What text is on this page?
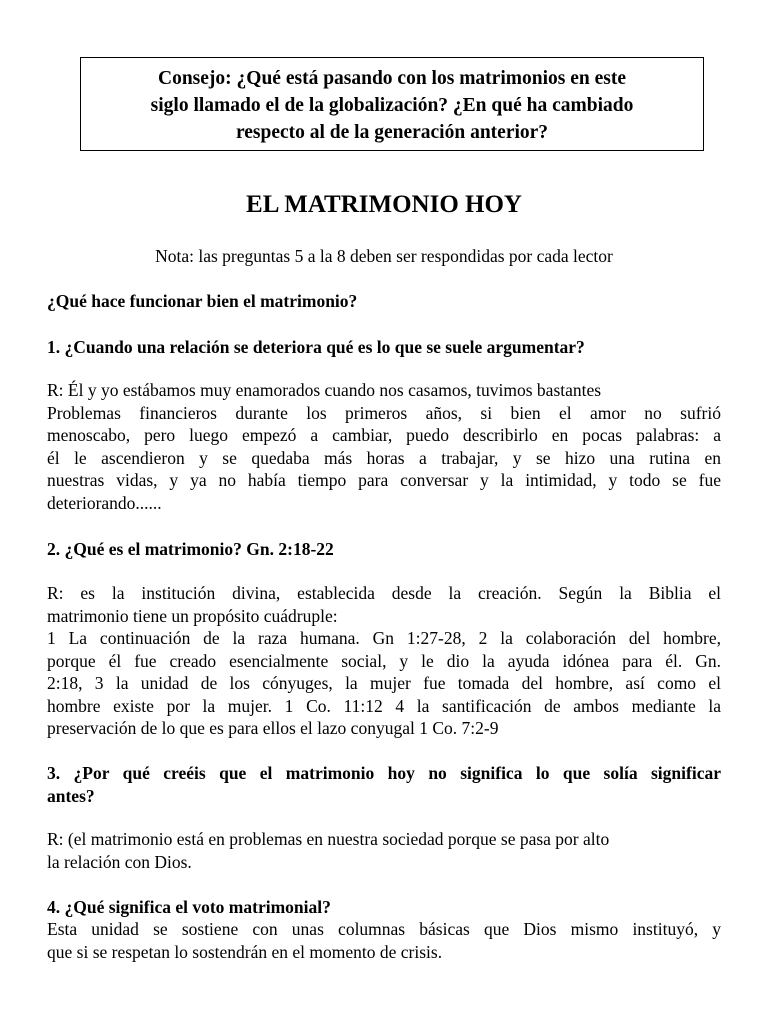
Consejo: ¿Qué está pasando con los matrimonios en este
siglo llamado el de la globalización? ¿En qué ha cambiado
respecto al de la generación anterior?
EL MATRIMONIO HOY
Nota: las preguntas 5 a la 8 deben ser respondidas por cada lector
¿Qué hace funcionar bien el matrimonio?
1. ¿Cuando una relación se deteriora qué es lo que se suele argumentar?
R: Él y yo estábamos muy enamorados cuando nos casamos, tuvimos bastantes
Problemas financieros durante los primeros años, si bien el amor no sufrió
menoscabo, pero luego empezó a cambiar, puedo describirlo en pocas palabras: a
él le ascendieron y se quedaba más horas a trabajar, y se hizo una rutina en
nuestras vidas, y ya no había tiempo para conversar y la intimidad, y todo se fue
deteriorando......
2. ¿Qué es el matrimonio? Gn. 2:18-22
R: es la institución divina, establecida desde la creación. Según la Biblia el
matrimonio tiene un propósito cuádruple:
1 La continuación de la raza humana. Gn 1:27-28, 2 la colaboración del hombre,
porque él fue creado esencialmente social, y le dio la ayuda idónea para él. Gn.
2:18, 3 la unidad de los cónyuges, la mujer fue tomada del hombre, así como el
hombre existe por la mujer. 1 Co. 11:12 4 la santificación de ambos mediante la
preservación de lo que es para ellos el lazo conyugal 1 Co. 7:2-9
3. ¿Por qué creéis que el matrimonio hoy no significa lo que solía significar
antes?
R: (el matrimonio está en problemas en nuestra sociedad porque se pasa por alto
la relación con Dios.
4. ¿Qué significa el voto matrimonial?
Esta unidad se sostiene con unas columnas básicas que Dios mismo instituyó, y
que si se respetan lo sostendrán en el momento de crisis.
